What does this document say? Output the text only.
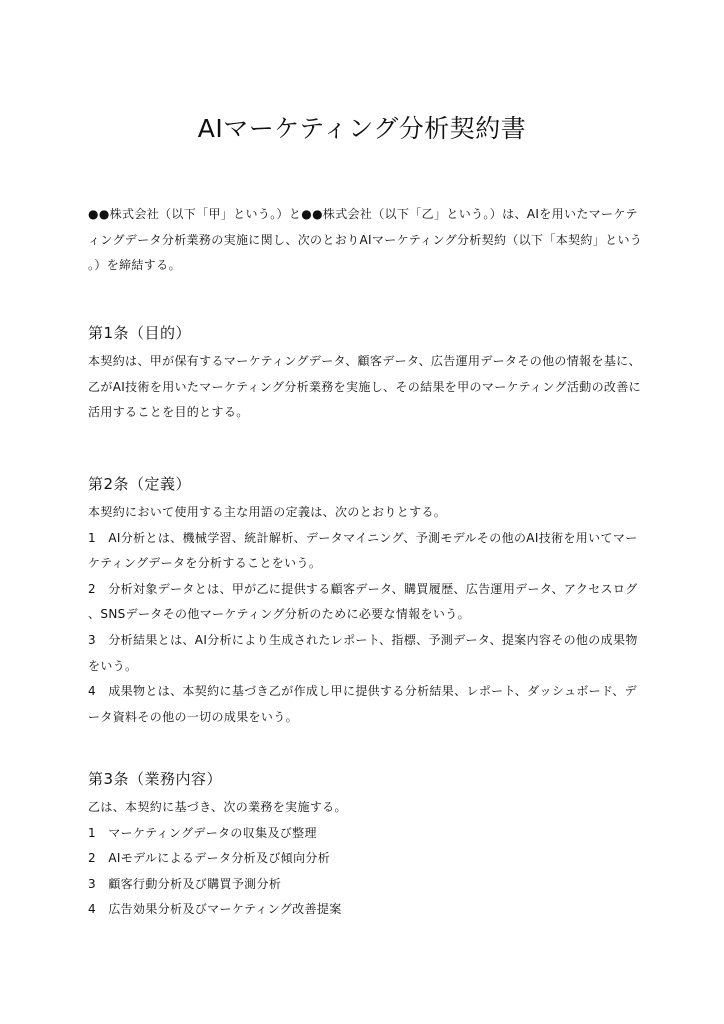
AIマーケティング分析契約書
●●株式会社（以下「甲」という。）と●●株式会社（以下「乙」という。）は、AIを用いたマーケテ
ィングデータ分析業務の実施に関し、次のとおりAIマーケティング分析契約（以下「本契約」という
。）を締結する。
第1条（目的）
本契約は、甲が保有するマーケティングデータ、顧客データ、広告運用データその他の情報を基に、
乙がAI技術を用いたマーケティング分析業務を実施し、その結果を甲のマーケティング活動の改善に
活用することを目的とする。
第2条（定義）
本契約において使用する主な用語の定義は、次のとおりとする。
1　AI分析とは、機械学習、統計解析、データマイニング、予測モデルその他のAI技術を用いてマー
ケティングデータを分析することをいう。
2　分析対象データとは、甲が乙に提供する顧客データ、購買履歴、広告運用データ、アクセスログ
、SNSデータその他マーケティング分析のために必要な情報をいう。
3　分析結果とは、AI分析により生成されたレポート、指標、予測データ、提案内容その他の成果物
をいう。
4　成果物とは、本契約に基づき乙が作成し甲に提供する分析結果、レポート、ダッシュボード、デ
ータ資料その他の一切の成果をいう。
第3条（業務内容）
乙は、本契約に基づき、次の業務を実施する。
1　マーケティングデータの収集及び整理
2　AIモデルによるデータ分析及び傾向分析
3　顧客行動分析及び購買予測分析
4　広告効果分析及びマーケティング改善提案
